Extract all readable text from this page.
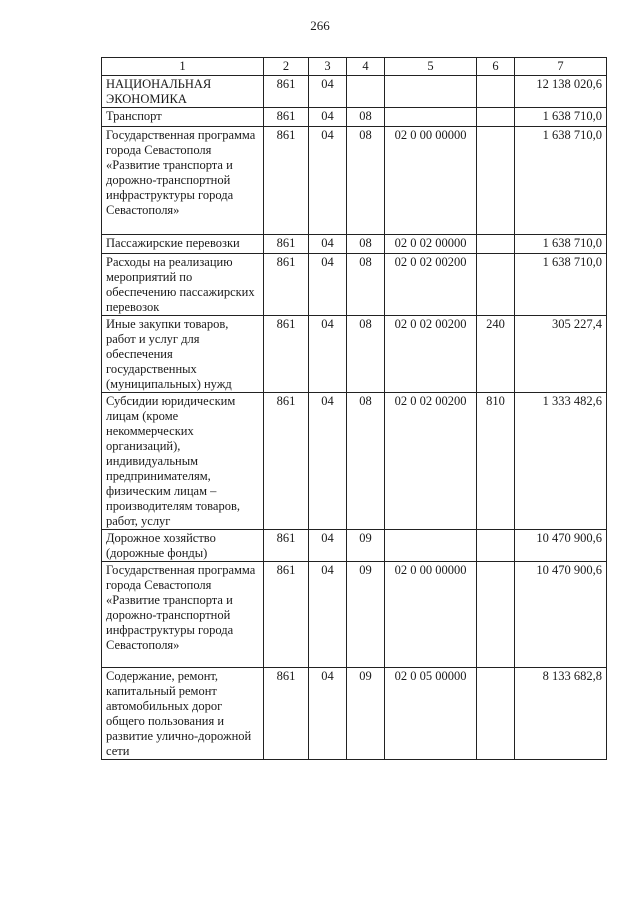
266
1	2	3	4	5	6	7
НАЦИОНАЛЬНАЯ ЭКОНОМИКА	861	04				12 138 020,6
Транспорт	861	04	08			1 638 710,0
Государственная программа города Севастополя «Развитие транспорта и дорожно-транспортной инфраструктуры города Севастополя»	861	04	08	02 0 00 00000		1 638 710,0
Пассажирские перевозки	861	04	08	02 0 02 00000		1 638 710,0
Расходы на реализацию мероприятий по обеспечению пассажирских перевозок	861	04	08	02 0 02 00200		1 638 710,0
Иные закупки товаров, работ и услуг для обеспечения государственных (муниципальных) нужд	861	04	08	02 0 02 00200	240	305 227,4
Субсидии юридическим лицам (кроме некоммерческих организаций), индивидуальным предпринимателям, физическим лицам – производителям товаров, работ, услуг	861	04	08	02 0 02 00200	810	1 333 482,6
Дорожное хозяйство (дорожные фонды)	861	04	09			10 470 900,6
Государственная программа города Севастополя «Развитие транспорта и дорожно-транспортной инфраструктуры города Севастополя»	861	04	09	02 0 00 00000		10 470 900,6
Содержание, ремонт, капитальный ремонт автомобильных дорог общего пользования и развитие улично-дорожной сети	861	04	09	02 0 05 00000		8 133 682,8
